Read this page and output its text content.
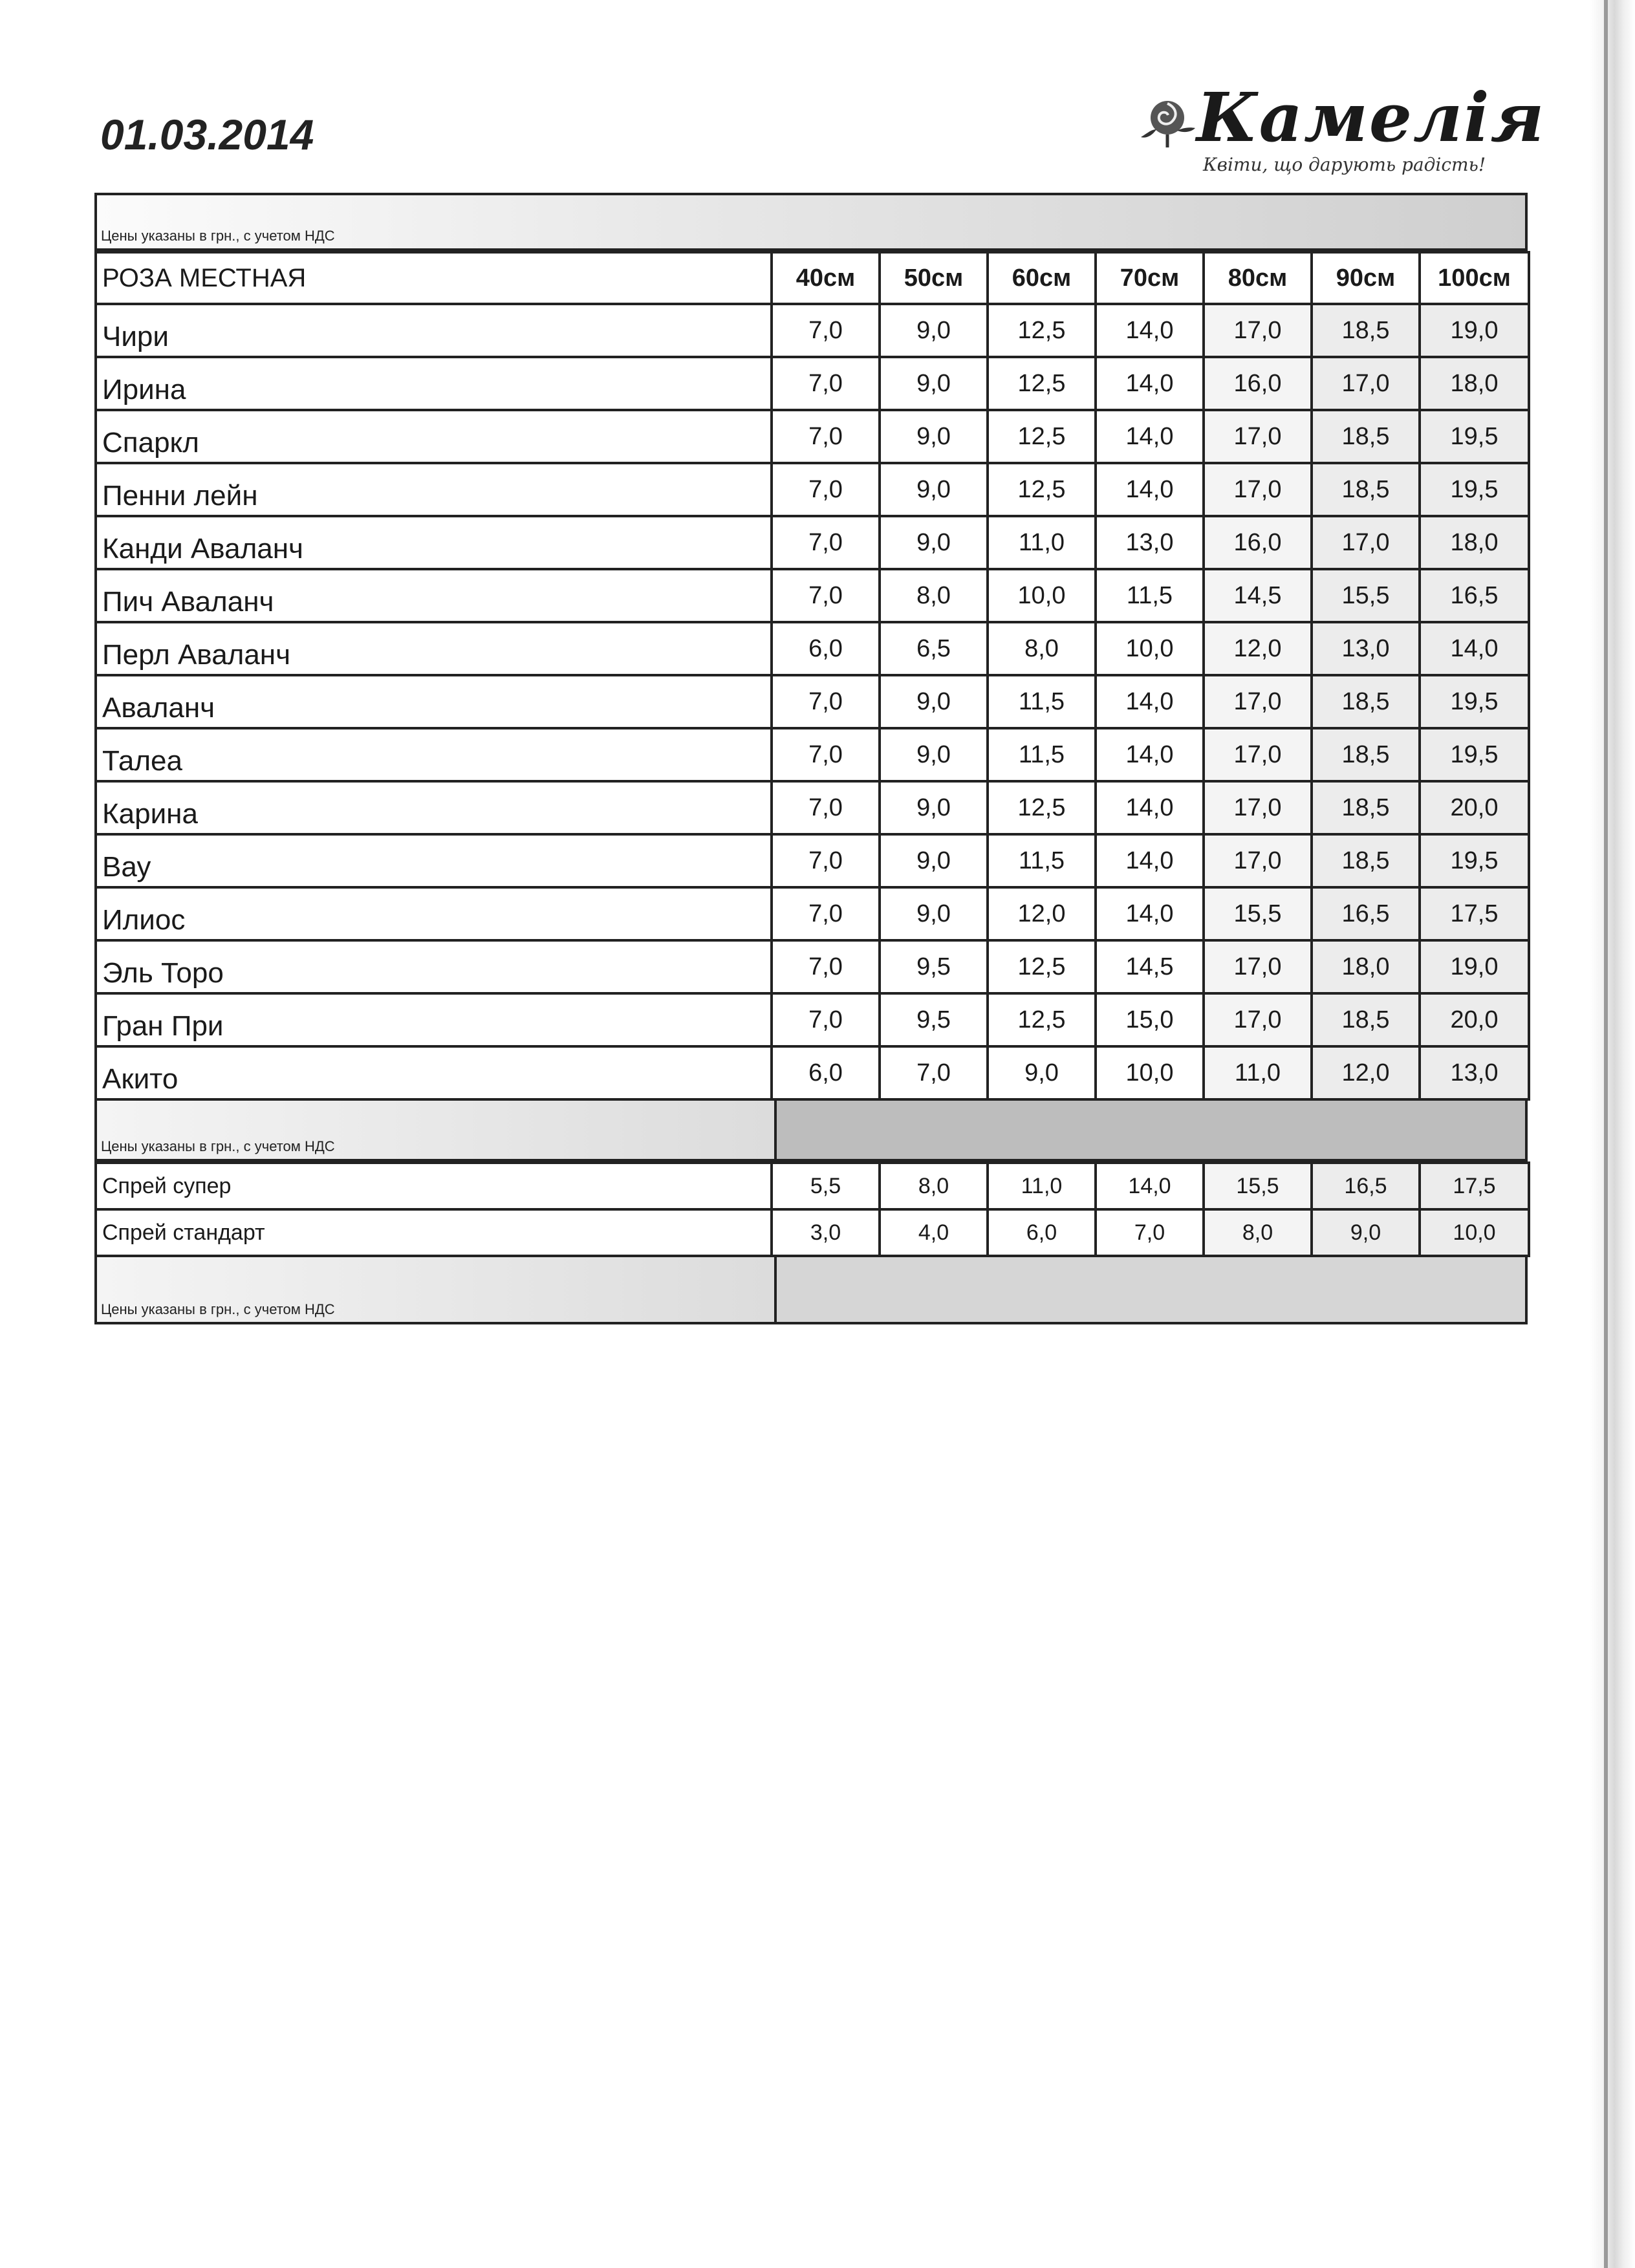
01.03.2014	Камелія
Квіти, що дарують радість!
Цены указаны в грн., с учетом НДС
РОЗА МЕСТНАЯ	40см	50см	60см	70см	80см	90см	100см
Чири	7,0	9,0	12,5	14,0	17,0	18,5	19,0
Ирина	7,0	9,0	12,5	14,0	16,0	17,0	18,0
Спаркл	7,0	9,0	12,5	14,0	17,0	18,5	19,5
Пенни лейн	7,0	9,0	12,5	14,0	17,0	18,5	19,5
Канди Аваланч	7,0	9,0	11,0	13,0	16,0	17,0	18,0
Пич Аваланч	7,0	8,0	10,0	11,5	14,5	15,5	16,5
Перл Аваланч	6,0	6,5	8,0	10,0	12,0	13,0	14,0
Аваланч	7,0	9,0	11,5	14,0	17,0	18,5	19,5
Талеа	7,0	9,0	11,5	14,0	17,0	18,5	19,5
Карина	7,0	9,0	12,5	14,0	17,0	18,5	20,0
Вау	7,0	9,0	11,5	14,0	17,0	18,5	19,5
Илиос	7,0	9,0	12,0	14,0	15,5	16,5	17,5
Эль Торо	7,0	9,5	12,5	14,5	17,0	18,0	19,0
Гран При	7,0	9,5	12,5	15,0	17,0	18,5	20,0
Акито	6,0	7,0	9,0	10,0	11,0	12,0	13,0
Цены указаны в грн., с учетом НДС
Спрей супер	5,5	8,0	11,0	14,0	15,5	16,5	17,5
Спрей стандарт	3,0	4,0	6,0	7,0	8,0	9,0	10,0
Цены указаны в грн., с учетом НДС
